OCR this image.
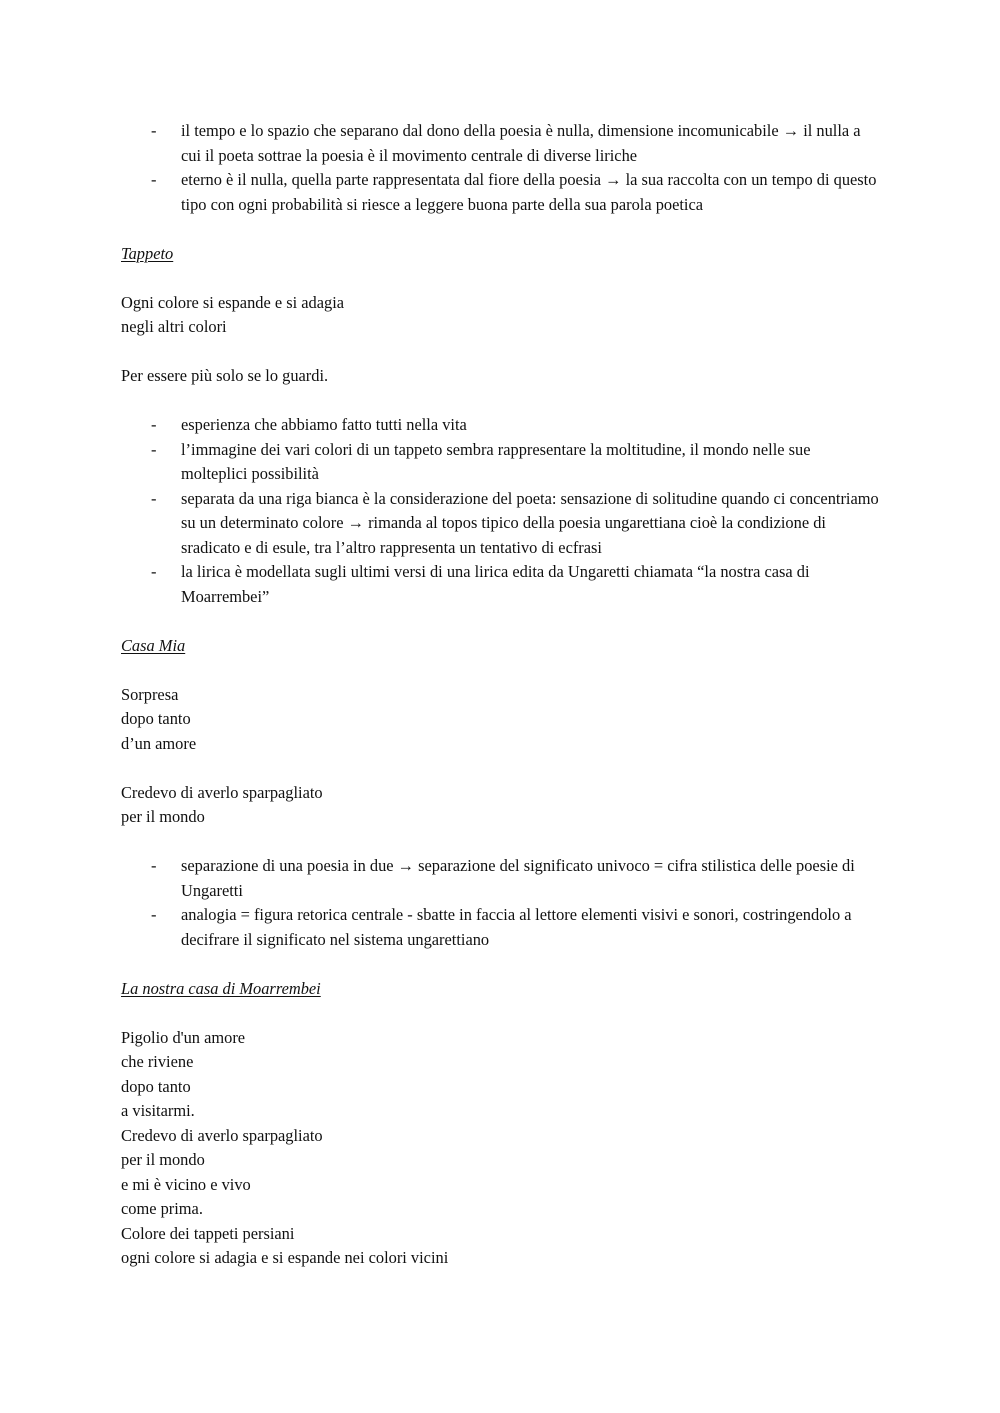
- il tempo e lo spazio che separano dal dono della poesia è nulla, dimensione incomunicabile → il nulla a cui il poeta sottrae la poesia è il movimento centrale di diverse liriche
- eterno è il nulla, quella parte rappresentata dal fiore della poesia → la sua raccolta con un tempo di questo tipo con ogni probabilità si riesce a leggere buona parte della sua parola poetica
Tappeto
Ogni colore si espande e si adagia
negli altri colori
Per essere più solo se lo guardi.
- esperienza che abbiamo fatto tutti nella vita
- l’immagine dei vari colori di un tappeto sembra rappresentare la moltitudine, il mondo nelle sue molteplici possibilità
- separata da una riga bianca è la considerazione del poeta: sensazione di solitudine quando ci concentriamo su un determinato colore → rimanda al topos tipico della poesia ungarettiana cioè la condizione di sradicato e di esule, tra l’altro rappresenta un tentativo di ecfrasi
- la lirica è modellata sugli ultimi versi di una lirica edita da Ungaretti chiamata “la nostra casa di Moarrembei”
Casa Mia
Sorpresa
dopo tanto
d’un amore
Credevo di averlo sparpagliato
per il mondo
- separazione di una poesia in due → separazione del significato univoco = cifra stilistica delle poesie di Ungaretti
- analogia = figura retorica centrale - sbatte in faccia al lettore elementi visivi e sonori, costringendolo a decifrare il significato nel sistema ungarettiano
La nostra casa di Moarrembei
Pigolio d'un amore
che riviene
dopo tanto
a visitarmi.
Credevo di averlo sparpagliato
per il mondo
e mi è vicino e vivo
come prima.
Colore dei tappeti persiani
ogni colore si adagia e si espande nei colori vicini
